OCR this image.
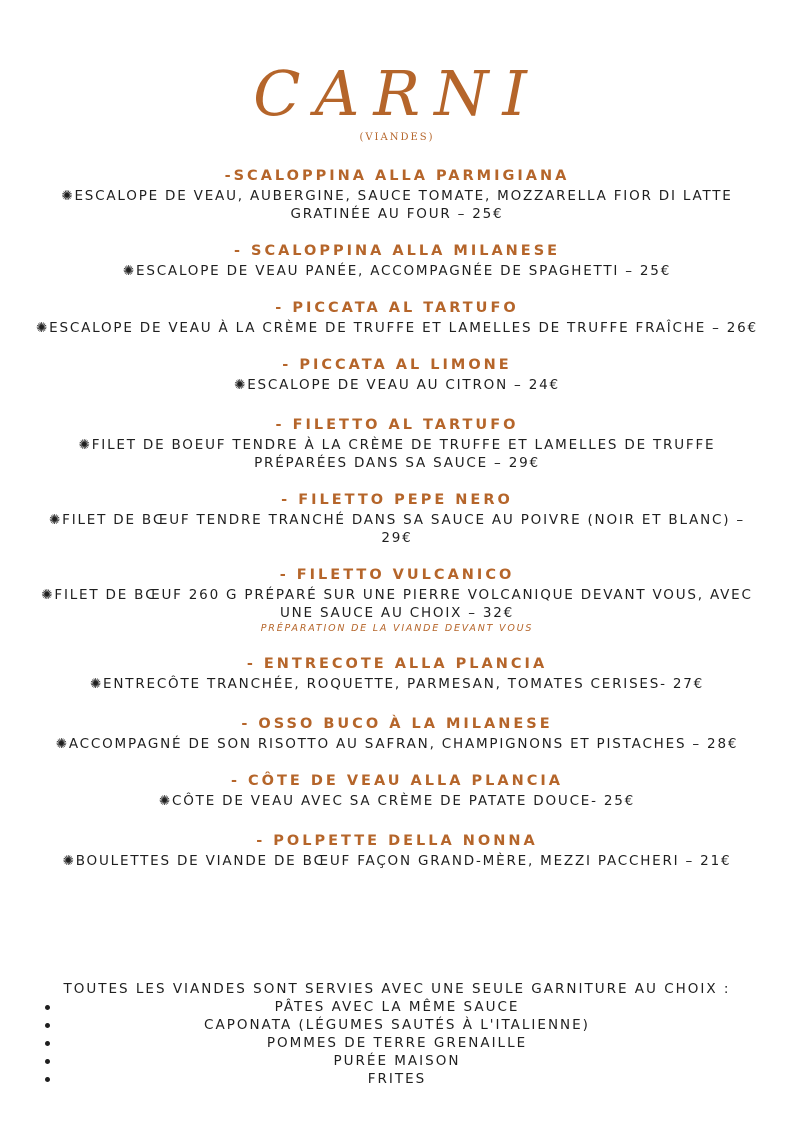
CARNI
(VIANDES)
-SCALOPPINA ALLA PARMIGIANA
✺ESCALOPE DE VEAU, AUBERGINE, SAUCE TOMATE, MOZZARELLA FIOR DI LATTE GRATINÉE AU FOUR – 25€
- SCALOPPINA ALLA MILANESE
✺ESCALOPE DE VEAU PANÉE, ACCOMPAGNÉE DE SPAGHETTI – 25€
- PICCATA AL TARTUFO
✺ESCALOPE DE VEAU À LA CRÈME DE TRUFFE ET LAMELLES DE TRUFFE FRAÎCHE – 26€
- PICCATA AL LIMONE
✺ESCALOPE DE VEAU AU CITRON – 24€
- FILETTO AL TARTUFO
✺FILET DE BOEUF TENDRE À LA CRÈME DE TRUFFE ET LAMELLES DE TRUFFE PRÉPARÉES DANS SA SAUCE – 29€
- FILETTO PEPE NERO
✺FILET DE BŒUF TENDRE TRANCHÉ DANS SA SAUCE AU POIVRE (NOIR ET BLANC) – 29€
- FILETTO VULCANICO
✺FILET DE BŒUF 260 G PRÉPARÉ SUR UNE PIERRE VOLCANIQUE DEVANT VOUS, AVEC UNE SAUCE AU CHOIX – 32€
PRÉPARATION DE LA VIANDE DEVANT VOUS
- ENTRECOTE ALLA PLANCIA
✺ENTRECÔTE TRANCHÉE, ROQUETTE, PARMESAN, TOMATES CERISES- 27€
- OSSO BUCO À LA MILANESE
✺ACCOMPAGNÉ DE SON RISOTTO AU SAFRAN, CHAMPIGNONS ET PISTACHES – 28€
- CÔTE DE VEAU ALLA PLANCIA
✺CÔTE DE VEAU AVEC SA CRÈME DE PATATE DOUCE- 25€
- POLPETTE DELLA NONNA
✺BOULETTES DE VIANDE DE BŒUF FAÇON GRAND-MÈRE, MEZZI PACCHERI – 21€
TOUTES LES VIANDES SONT SERVIES AVEC UNE SEULE GARNITURE AU CHOIX :
PÂTES AVEC LA MÊME SAUCE
CAPONATA (LÉGUMES SAUTÉS À L'ITALIENNE)
POMMES DE TERRE GRENAILLE
PURÉE MAISON
FRITES
